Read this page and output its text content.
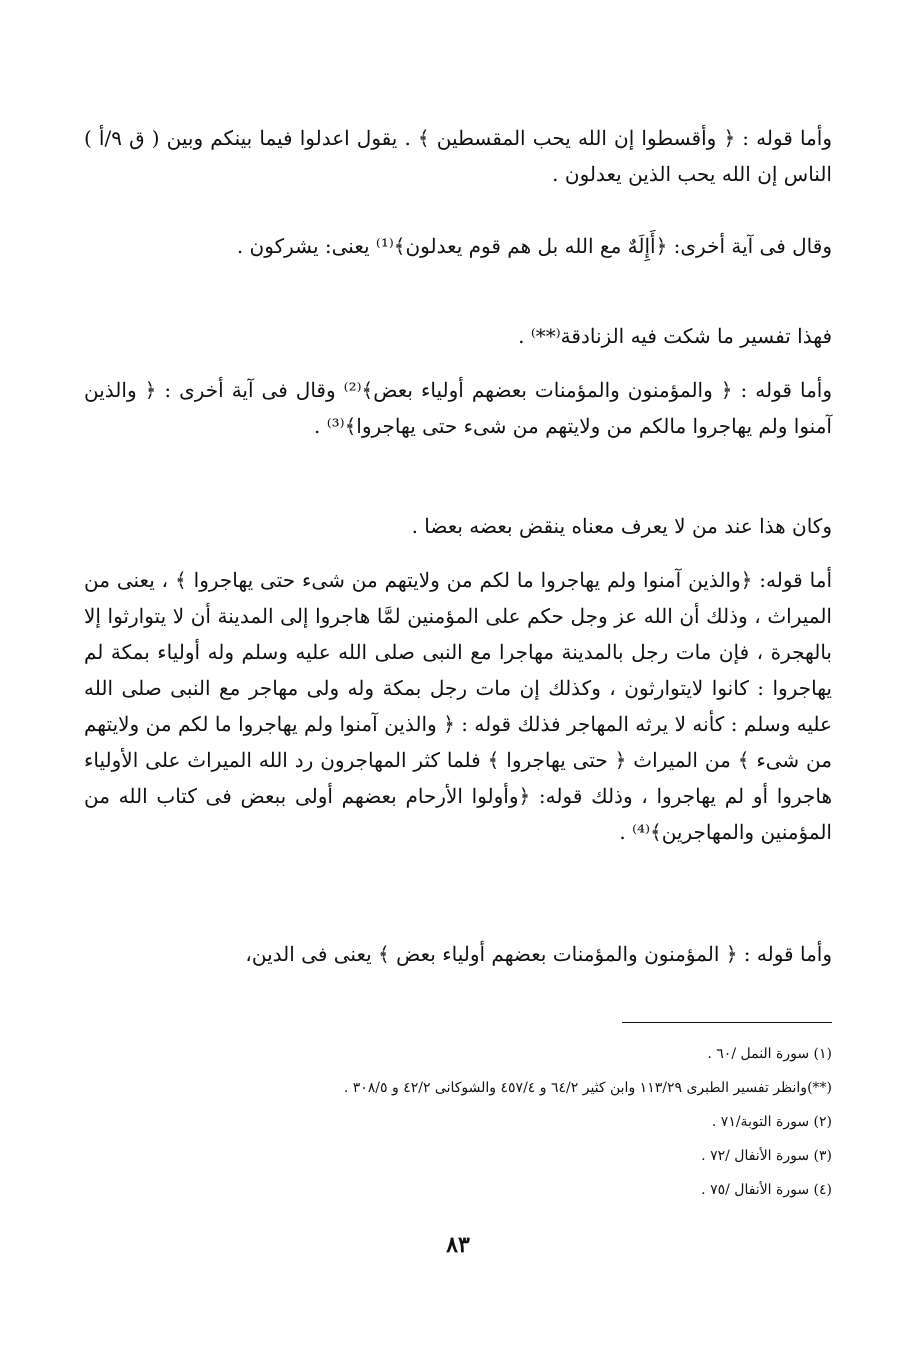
وأما قوله : ﴿ وأقسطوا إن الله يحب المقسطين ﴾ . يقول اعدلوا فيما بينكم وبين ( ق ٩/أ ) الناس إن الله يحب الذين يعدلون .

وقال فى آية أخرى: ﴿أَإِلَهٌ مع الله بل هم قوم يعدلون﴾⁽¹⁾ يعنى: يشركون .

فهذا تفسير ما شكت فيه الزنادقة⁽**⁾ .

وأما قوله : ﴿ والمؤمنون والمؤمنات بعضهم أولياء بعض﴾⁽²⁾ وقال فى آية أخرى : ﴿ والذين آمنوا ولم يهاجروا مالكم من ولايتهم من شىء حتى يهاجروا﴾⁽³⁾ .

وكان هذا عند من لا يعرف معناه ينقض بعضه بعضا .

أما قوله: ﴿والذين آمنوا ولم يهاجروا ما لكم من ولايتهم من شىء حتى يهاجروا ﴾ ، يعنى من الميراث ، وذلك أن الله عز وجل حكم على المؤمنين لمَّا هاجروا إلى المدينة أن لا يتوارثوا إلا بالهجرة ، فإن مات رجل بالمدينة مهاجرا مع النبى صلى الله عليه وسلم وله أولياء بمكة لم يهاجروا : كانوا لايتوارثون ، وكذلك إن مات رجل بمكة وله ولى مهاجر مع النبى صلى الله عليه وسلم : كأنه لا يرثه المهاجر فذلك قوله : ﴿ والذين آمنوا ولم يهاجروا ما لكم من ولايتهم من شىء ﴾ من الميراث ﴿ حتى يهاجروا ﴾ فلما كثر المهاجرون رد الله الميراث على الأولياء هاجروا أو لم يهاجروا ، وذلك قوله: ﴿وأولوا الأرحام بعضهم أولى ببعض فى كتاب الله من المؤمنين والمهاجرين﴾⁽⁴⁾ .

وأما قوله : ﴿ المؤمنون والمؤمنات بعضهم أولياء بعض ﴾ يعنى فى الدين،

(١) سورة النمل /٦٠ .
(**)وانظر تفسير الطبرى ١١٣/٢٩ وابن كثير ٦٤/٢ و ٤٥٧/٤ والشوكانى ٤٢/٢ و ٣٠٨/٥ .
(٢) سورة التوبة/٧١ .
(٣) سورة الأنفال /٧٢ .
(٤) سورة الأنفال /٧٥ .
٨٣
